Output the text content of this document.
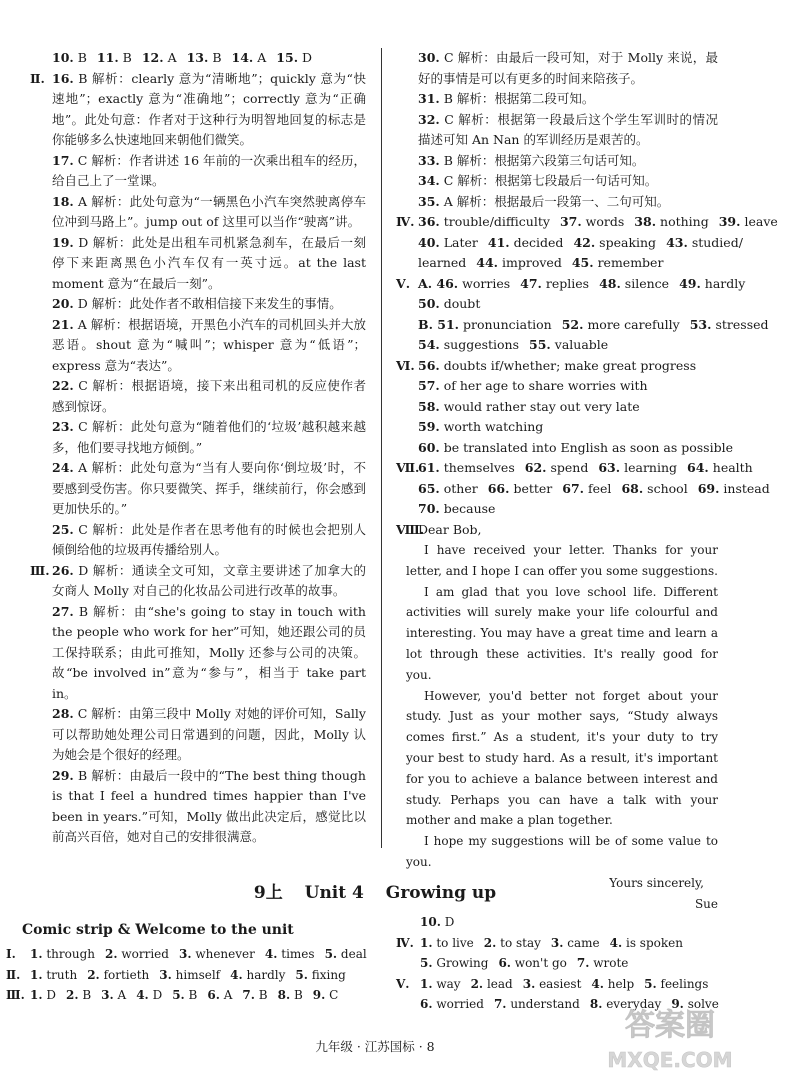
10. B 11. B 12. A 13. B 14. A 15. D
Ⅱ. 16. B 解析：clearly 意为“清晰地”；quickly 意为“快速地”；exactly 意为“准确地”；correctly 意为“正确地”。此处句意：作者对于这种行为明智地回复的标志是你能够多么快速地回来朝他们微笑。
17. C 解析：作者讲述 16 年前的一次乘出租车的经历，给自己上了一堂课。
18. A 解析：此处句意为“一辆黑色小汽车突然驶离停车位冲到马路上”。jump out of 这里可以当作“驶离”讲。
19. D 解析：此处是出租车司机紧急刹车，在最后一刻停下来距离黑色小汽车仅有一英寸远。at the last moment 意为“在最后一刻”。
20. D 解析：此处作者不敢相信接下来发生的事情。
21. A 解析：根据语境，开黑色小汽车的司机回头并大放恶语。shout 意为“喊叫”；whisper 意为“低语”；express 意为“表达”。
22. C 解析：根据语境，接下来出租司机的反应使作者感到惊讶。
23. C 解析：此处句意为“随着他们的‘垃圾’越积越来越多，他们要寻找地方倾倒。”
24. A 解析：此处句意为“当有人要向你‘倒垃圾’时，不要感到受伤害。你只要微笑、挥手，继续前行，你会感到更加快乐的。”
25. C 解析：此处是作者在思考他有的时候也会把别人倾倒给他的垃圾再传播给别人。
Ⅲ. 26. D 解析：通读全文可知，文章主要讲述了加拿大的女商人 Molly 对自己的化妆品公司进行改革的故事。
27. B 解析：由“she's going to stay in touch with the people who work for her”可知，她还跟公司的员工保持联系；由此可推知，Molly 还参与公司的决策。故“be involved in”意为“参与”，相当于 take part in。
28. C 解析：由第三段中 Molly 对她的评价可知，Sally 可以帮助她处理公司日常遇到的问题，因此，Molly 认为她会是个很好的经理。
29. B 解析：由最后一段中的“The best thing though is that I feel a hundred times happier than I've been in years.”可知，Molly 做出此决定后，感觉比以前高兴百倍，她对自己的安排很满意。
30. C 解析：由最后一段可知，对于 Molly 来说，最好的事情是可以有更多的时间来陪孩子。
31. B 解析：根据第二段可知。
32. C 解析：根据第一段最后这个学生军训时的情况描述可知 An Nan 的军训经历是艰苦的。
33. B 解析：根据第六段第三句话可知。
34. C 解析：根据第七段最后一句话可知。
35. A 解析：根据最后一段第一、二句可知。
Ⅳ. 36. trouble/difficulty 37. words 38. nothing 39. leave
40. Later 41. decided 42. speaking 43. studied/
learned 44. improved 45. remember
Ⅴ. A. 46. worries 47. replies 48. silence 49. hardly
50. doubt
B. 51. pronunciation 52. more carefully 53. stressed
54. suggestions 55. valuable
Ⅵ. 56. doubts if/whether; make great progress
57. of her age to share worries with
58. would rather stay out very late
59. worth watching
60. be translated into English as soon as possible
Ⅶ.
61. themselves 62. spend 63. learning 64. health
65. other 66. better 67. feel 68. school 69. instead
70. because
Ⅷ.
Dear Bob,
I have received your letter. Thanks for your letter, and I hope I can offer you some suggestions.
I am glad that you love school life. Different activities will surely make your life colourful and interesting. You may have a great time and learn a lot through these activities. It's really good for you.
However, you'd better not forget about your study. Just as your mother says, “Study always comes first.” As a student, it's your duty to try your best to study hard. As a result, it's important for you to achieve a balance between interest and study. Perhaps you can have a talk with your mother and make a plan together.
I hope my suggestions will be of some value to you.
Yours sincerely,
Sue
9上 Unit 4 Growing up
Comic strip & Welcome to the unit
Ⅰ. 1. through 2. worried 3. whenever 4. times 5. deal
Ⅱ. 1. truth 2. fortieth 3. himself 4. hardly 5. fixing
Ⅲ. 1. D 2. B 3. A 4. D 5. B 6. A 7. B 8. B 9. C
10. D
Ⅳ. 1. to live 2. to stay 3. came 4. is spoken
5. Growing 6. won't go 7. wrote
Ⅴ. 1. way 2. lead 3. easiest 4. help 5. feelings
6. worried 7. understand 8. everyday 9. solve
九年级 · 江苏国标 · 8
答案圈
MXQE.COM
